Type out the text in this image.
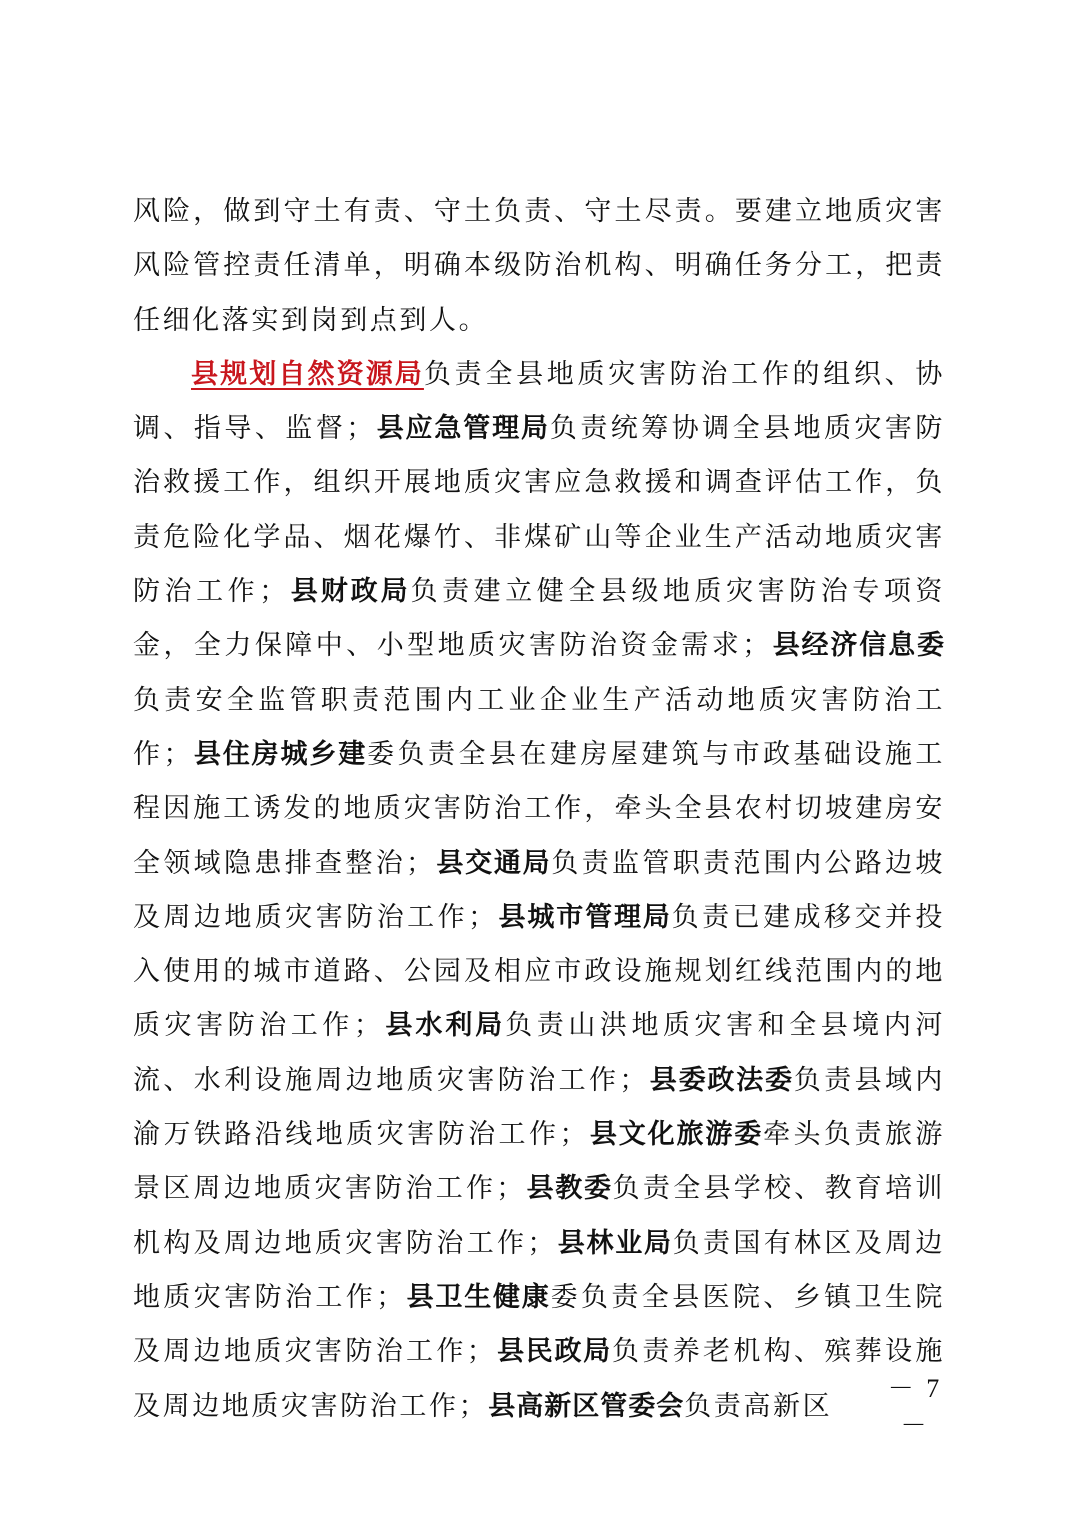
风险，做到守土有责、守土负责、守土尽责。要建立地质灾害风险管控责任清单，明确本级防治机构、明确任务分工，把责任细化落实到岗到点到人。

县规划自然资源局负责全县地质灾害防治工作的组织、协调、指导、监督；县应急管理局负责统筹协调全县地质灾害防治救援工作，组织开展地质灾害应急救援和调查评估工作，负责危险化学品、烟花爆竹、非煤矿山等企业生产活动地质灾害防治工作；县财政局负责建立健全县级地质灾害防治专项资金，全力保障中、小型地质灾害防治资金需求；县经济信息委负责安全监管职责范围内工业企业生产活动地质灾害防治工作；县住房城乡建委负责全县在建房屋建筑与市政基础设施工程因施工诱发的地质灾害防治工作，牵头全县农村切坡建房安全领域隐患排查整治；县交通局负责监管职责范围内公路边坡及周边地质灾害防治工作；县城市管理局负责已建成移交并投入使用的城市道路、公园及相应市政设施规划红线范围内的地质灾害防治工作；县水利局负责山洪地质灾害和全县境内河流、水利设施周边地质灾害防治工作；县委政法委负责县域内渝万铁路沿线地质灾害防治工作；县文化旅游委牵头负责旅游景区周边地质灾害防治工作；县教委负责全县学校、教育培训机构及周边地质灾害防治工作；县林业局负责国有林区及周边地质灾害防治工作；县卫生健康委负责全县医院、乡镇卫生院及周边地质灾害防治工作；县民政局负责养老机构、殡葬设施及周边地质灾害防治工作；县高新区管委会负责高新区

－ 7 －
